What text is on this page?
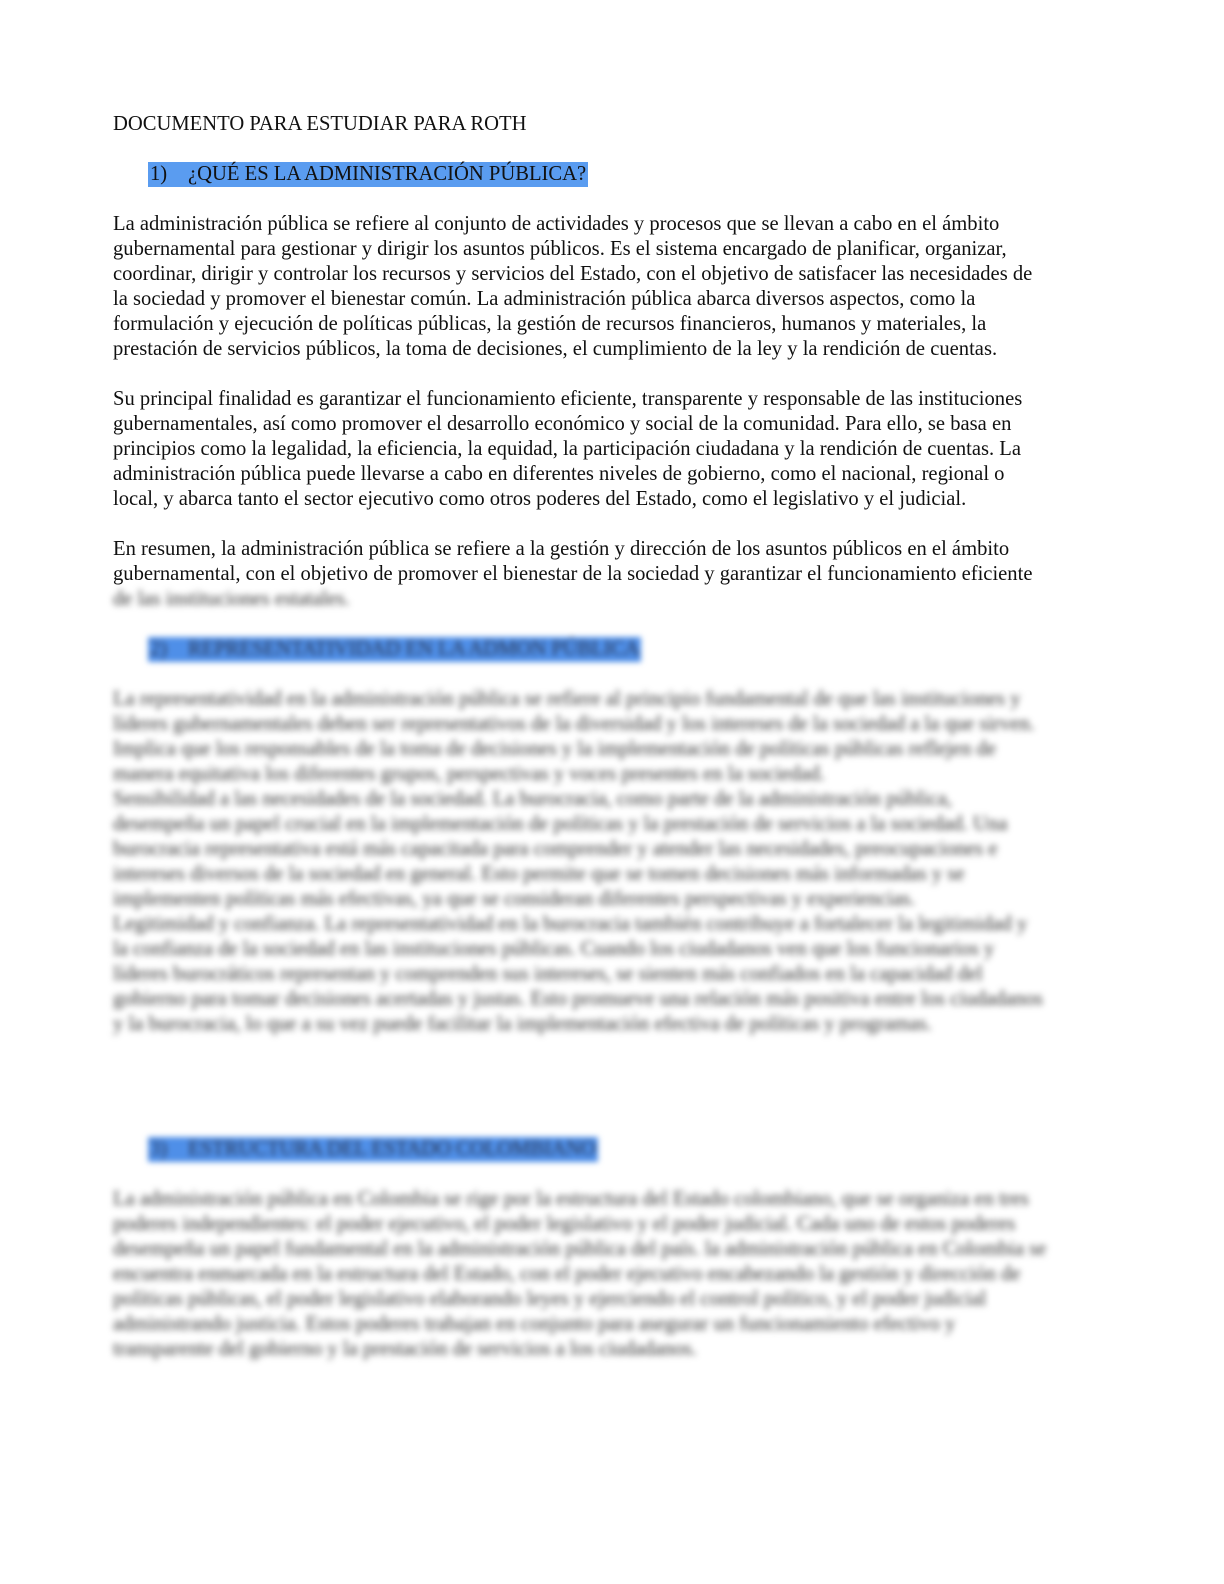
DOCUMENTO PARA ESTUDIAR PARA ROTH

1) ¿QUÉ ES LA ADMINISTRACIÓN PÚBLICA?

La administración pública se refiere al conjunto de actividades y procesos que se llevan a cabo en el ámbito
gubernamental para gestionar y dirigir los asuntos públicos. Es el sistema encargado de planificar, organizar,
coordinar, dirigir y controlar los recursos y servicios del Estado, con el objetivo de satisfacer las necesidades de
la sociedad y promover el bienestar común. La administración pública abarca diversos aspectos, como la
formulación y ejecución de políticas públicas, la gestión de recursos financieros, humanos y materiales, la
prestación de servicios públicos, la toma de decisiones, el cumplimiento de la ley y la rendición de cuentas.

Su principal finalidad es garantizar el funcionamiento eficiente, transparente y responsable de las instituciones
gubernamentales, así como promover el desarrollo económico y social de la comunidad. Para ello, se basa en
principios como la legalidad, la eficiencia, la equidad, la participación ciudadana y la rendición de cuentas. La
administración pública puede llevarse a cabo en diferentes niveles de gobierno, como el nacional, regional o
local, y abarca tanto el sector ejecutivo como otros poderes del Estado, como el legislativo y el judicial.

En resumen, la administración pública se refiere a la gestión y dirección de los asuntos públicos en el ámbito
gubernamental, con el objetivo de promover el bienestar de la sociedad y garantizar el funcionamiento eficiente
de las instituciones estatales.

2) REPRESENTATIVIDAD EN LA ADMON PÚBLICA

La representatividad en la administración pública se refiere al principio fundamental de que las instituciones y
líderes gubernamentales deben ser representativos de la diversidad y los intereses de la sociedad a la que sirven.
Implica que los responsables de la toma de decisiones y la implementación de políticas públicas reflejen de
manera equitativa los diferentes grupos, perspectivas y voces presentes en la sociedad.
Sensibilidad a las necesidades de la sociedad. La burocracia, como parte de la administración pública,
desempeña un papel crucial en la implementación de políticas y la prestación de servicios a la sociedad. Una
burocracia representativa está más capacitada para comprender y atender las necesidades, preocupaciones e
intereses diversos de la sociedad en general. Esto permite que se tomen decisiones más informadas y se
implementen políticas más efectivas, ya que se consideran diferentes perspectivas y experiencias.
Legitimidad y confianza. La representatividad en la burocracia también contribuye a fortalecer la legitimidad y
la confianza de la sociedad en las instituciones públicas. Cuando los ciudadanos ven que los funcionarios y
líderes burocráticos representan y comprenden sus intereses, se sienten más confiados en la capacidad del
gobierno para tomar decisiones acertadas y justas. Esto promueve una relación más positiva entre los ciudadanos
y la burocracia, lo que a su vez puede facilitar la implementación efectiva de políticas y programas.

3) ESTRUCTURA DEL ESTADO COLOMBIANO

La administración pública en Colombia se rige por la estructura del Estado colombiano, que se organiza en tres
poderes independientes: el poder ejecutivo, el poder legislativo y el poder judicial. Cada uno de estos poderes
desempeña un papel fundamental en la administración pública del país. la administración pública en Colombia se
encuentra enmarcada en la estructura del Estado, con el poder ejecutivo encabezando la gestión y dirección de
políticas públicas, el poder legislativo elaborando leyes y ejerciendo el control político, y el poder judicial
administrando justicia. Estos poderes trabajan en conjunto para asegurar un funcionamiento efectivo y
transparente del gobierno y la prestación de servicios a los ciudadanos.
